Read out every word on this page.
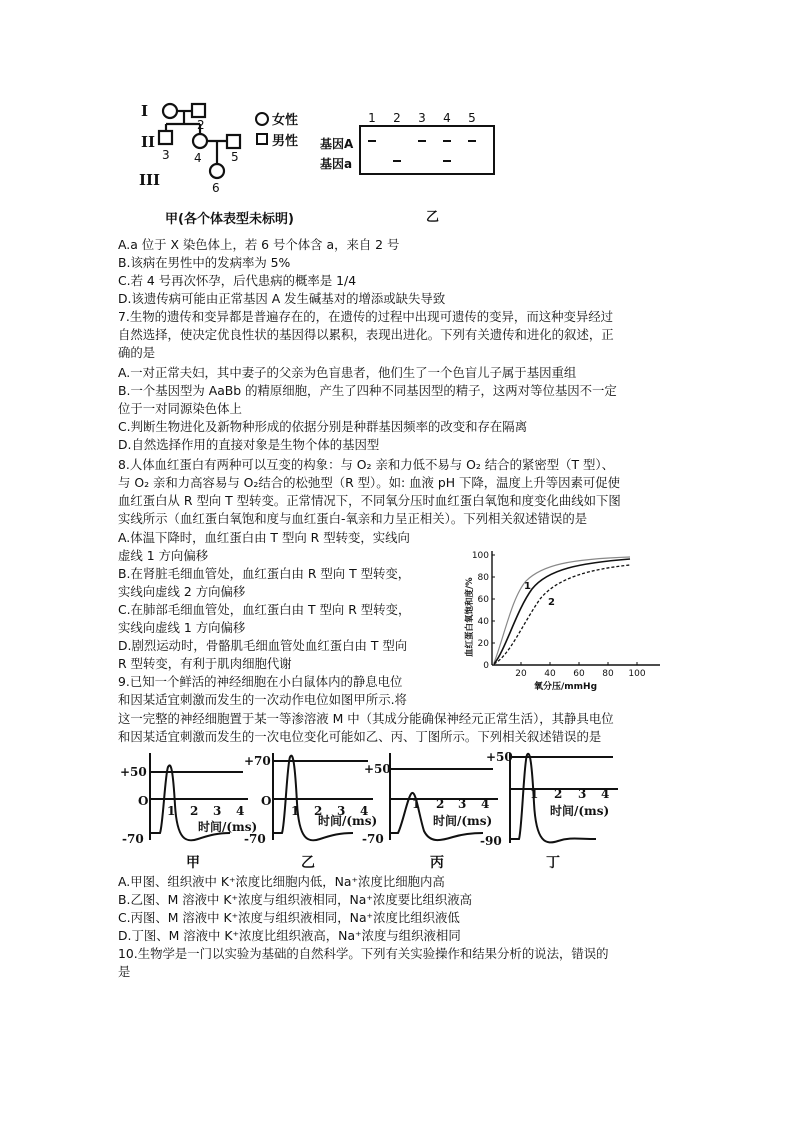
I
II
III
2
3 4 5
6
甲(各个体表型未标明)
女性
男性
1 2 3 4 5
基因A
基因a
乙
0
20
40
60
80
100
20 40 60 80 100
氧分压/mmHg
血红蛋白氧饱和度/%	1
2
+50
O
-70
1 2 3 4
时间/(ms)
甲
+70
O
-70
1 2 3 4
时间/(ms)
乙
+50
-70
1 2 3 4
时间/(ms)
丙
+50
-90
1 2 3 4
时间/(ms)
丁
A.a 位于 X 染色体上，若 6 号个体含 a，来自 2 号
B.该病在男性中的发病率为 5%
C.若 4 号再次怀孕，后代患病的概率是 1/4
D.该遗传病可能由正常基因 A 发生碱基对的增添或缺失导致
7.生物的遗传和变异都是普遍存在的，在遗传的过程中出现可遗传的变异，而这种变异经过
自然选择，使决定优良性状的基因得以累积，表现出进化。下列有关遗传和进化的叙述，正
确的是
A.一对正常夫妇，其中妻子的父亲为色盲患者，他们生了一个色盲儿子属于基因重组
B.一个基因型为 AaBb 的精原细胞，产生了四种不同基因型的精子，这两对等位基因不一定
位于一对同源染色体上
C.判断生物进化及新物种形成的依据分别是种群基因频率的改变和存在隔离
D.自然选择作用的直接对象是生物个体的基因型
8.人体血红蛋白有两种可以互变的构象：与 O₂ 亲和力低不易与 O₂ 结合的紧密型（T 型）、
与 O₂ 亲和力高容易与 O₂结合的松弛型（R 型）。如: 血液 pH 下降，温度上升等因素可促使
血红蛋白从 R 型向 T 型转变。正常情况下，不同氧分压时血红蛋白氧饱和度变化曲线如下图
实线所示（血红蛋白氧饱和度与血红蛋白-氧亲和力呈正相关）。下列相关叙述错误的是
A.体温下降时，血红蛋白由 T 型向 R 型转变，实线向
虚线 1 方向偏移
B.在肾脏毛细血管处，血红蛋白由 R 型向 T 型转变，
实线向虚线 2 方向偏移
C.在肺部毛细血管处，血红蛋白由 T 型向 R 型转变，
实线向虚线 1 方向偏移
D.剧烈运动时，骨骼肌毛细血管处血红蛋白由 T 型向
R 型转变，有利于肌肉细胞代谢
9.已知一个鲜活的神经细胞在小白鼠体内的静息电位
和因某适宜刺激而发生的一次动作电位如图甲所示.将
这一完整的神经细胞置于某一等渗溶液 M 中（其成分能确保神经元正常生活），其静具电位
和因某适宜刺激而发生的一次电位变化可能如乙、丙、丁图所示。下列相关叙述错误的是
A.甲图、组织液中 K⁺浓度比细胞内低，Na⁺浓度比细胞内高
B.乙图、M 溶液中 K⁺浓度与组织液相同，Na⁺浓度要比组织液高
C.丙图、M 溶液中 K⁺浓度与组织液相同，Na⁺浓度比组织液低
D.丁图、M 溶液中 K⁺浓度比组织液高，Na⁺浓度与组织液相同
10.生物学是一门以实验为基础的自然科学。下列有关实验操作和结果分析的说法，错误的
是
